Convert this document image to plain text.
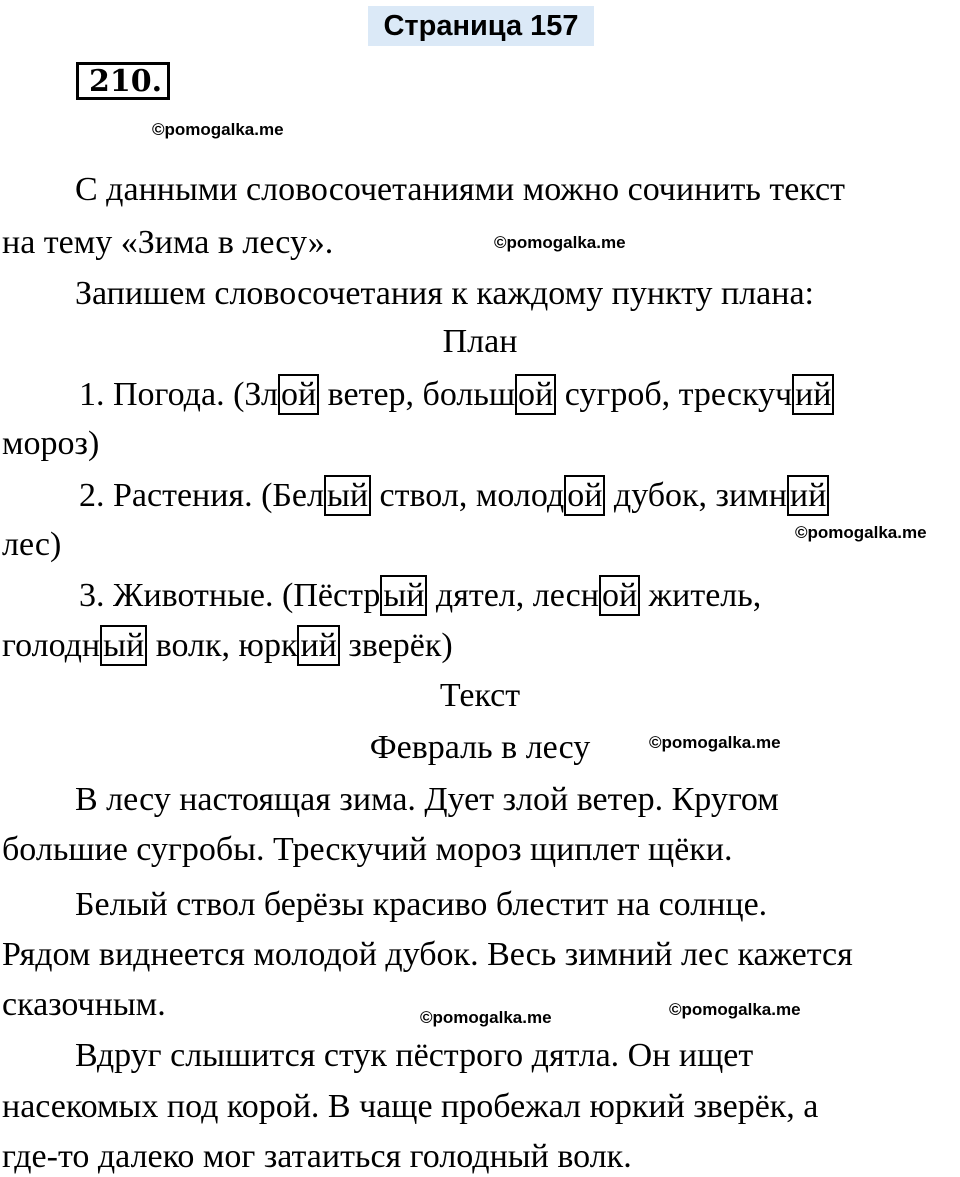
Страница 157
210.
©pomogalka.me
С данными словосочетаниями можно сочинить текст
на тему «Зима в лесу».	©pomogalka.me
Запишем словосочетания к каждому пункту плана:
План
1. Погода. (Злой ветер, большой сугроб, трескучий
мороз)
2. Растения. (Белый ствол, молодой дубок, зимний
лес)	©pomogalka.me
3. Животные. (Пёстрый дятел, лесной житель,
голодный волк, юркий зверёк)
Текст
Февраль в лесу	©pomogalka.me
В лесу настоящая зима. Дует злой ветер. Кругом
большие сугробы. Трескучий мороз щиплет щёки.
Белый ствол берёзы красиво блестит на солнце.
Рядом виднеется молодой дубок. Весь зимний лес кажется
сказочным.	©pomogalka.me	©pomogalka.me
Вдруг слышится стук пёстрого дятла. Он ищет
насекомых под корой. В чаще пробежал юркий зверёк, а
где-то далеко мог затаиться голодный волк.
